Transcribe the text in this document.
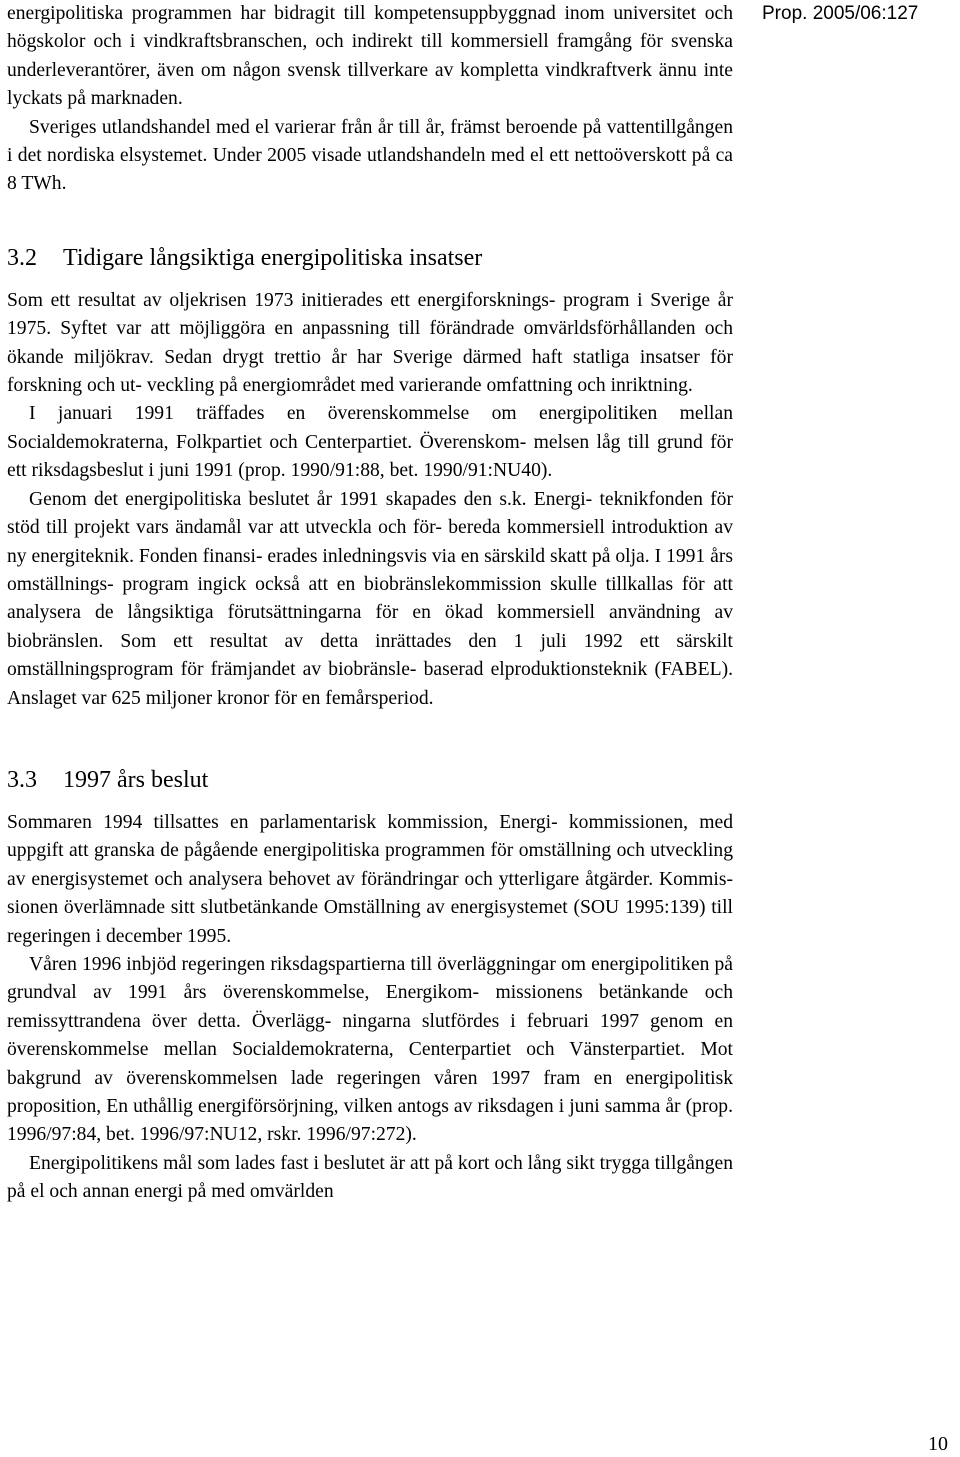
Prop. 2005/06:127

energipolitiska programmen har bidragit till kompetensuppbyggnad inom universitet och högskolor och i vindkraftsbranschen, och indirekt till kommersiell framgång för svenska underleverantörer, även om någon svensk tillverkare av kompletta vindkraftverk ännu inte lyckats på marknaden.

Sveriges utlandshandel med el varierar från år till år, främst beroende på vattentillgången i det nordiska elsystemet. Under 2005 visade utlandshandeln med el ett nettoöverskott på ca 8 TWh.

3.2 Tidigare långsiktiga energipolitiska insatser

Som ett resultat av oljekrisen 1973 initierades ett energiforsknings- program i Sverige år 1975. Syftet var att möjliggöra en anpassning till förändrade omvärldsförhållanden och ökande miljökrav. Sedan drygt trettio år har Sverige därmed haft statliga insatser för forskning och ut- veckling på energiområdet med varierande omfattning och inriktning.

I januari 1991 träffades en överenskommelse om energipolitiken mellan Socialdemokraterna, Folkpartiet och Centerpartiet. Överenskom- melsen låg till grund för ett riksdagsbeslut i juni 1991 (prop. 1990/91:88, bet. 1990/91:NU40).

Genom det energipolitiska beslutet år 1991 skapades den s.k. Energi- teknikfonden för stöd till projekt vars ändamål var att utveckla och för- bereda kommersiell introduktion av ny energiteknik. Fonden finansi- erades inledningsvis via en särskild skatt på olja. I 1991 års omställnings- program ingick också att en biobränslekommission skulle tillkallas för att analysera de långsiktiga förutsättningarna för en ökad kommersiell användning av biobränslen. Som ett resultat av detta inrättades den 1 juli 1992 ett särskilt omställningsprogram för främjandet av biobränsle- baserad elproduktionsteknik (FABEL). Anslaget var 625 miljoner kronor för en femårsperiod.

3.3 1997 års beslut

Sommaren 1994 tillsattes en parlamentarisk kommission, Energi- kommissionen, med uppgift att granska de pågående energipolitiska programmen för omställning och utveckling av energisystemet och analysera behovet av förändringar och ytterligare åtgärder. Kommis- sionen överlämnade sitt slutbetänkande Omställning av energisystemet (SOU 1995:139) till regeringen i december 1995.

Våren 1996 inbjöd regeringen riksdagspartierna till överläggningar om energipolitiken på grundval av 1991 års överenskommelse, Energikom- missionens betänkande och remissyttrandena över detta. Överlägg- ningarna slutfördes i februari 1997 genom en överenskommelse mellan Socialdemokraterna, Centerpartiet och Vänsterpartiet. Mot bakgrund av överenskommelsen lade regeringen våren 1997 fram en energipolitisk proposition, En uthållig energiförsörjning, vilken antogs av riksdagen i juni samma år (prop. 1996/97:84, bet. 1996/97:NU12, rskr. 1996/97:272).

Energipolitikens mål som lades fast i beslutet är att på kort och lång sikt trygga tillgången på el och annan energi på med omvärlden

10
